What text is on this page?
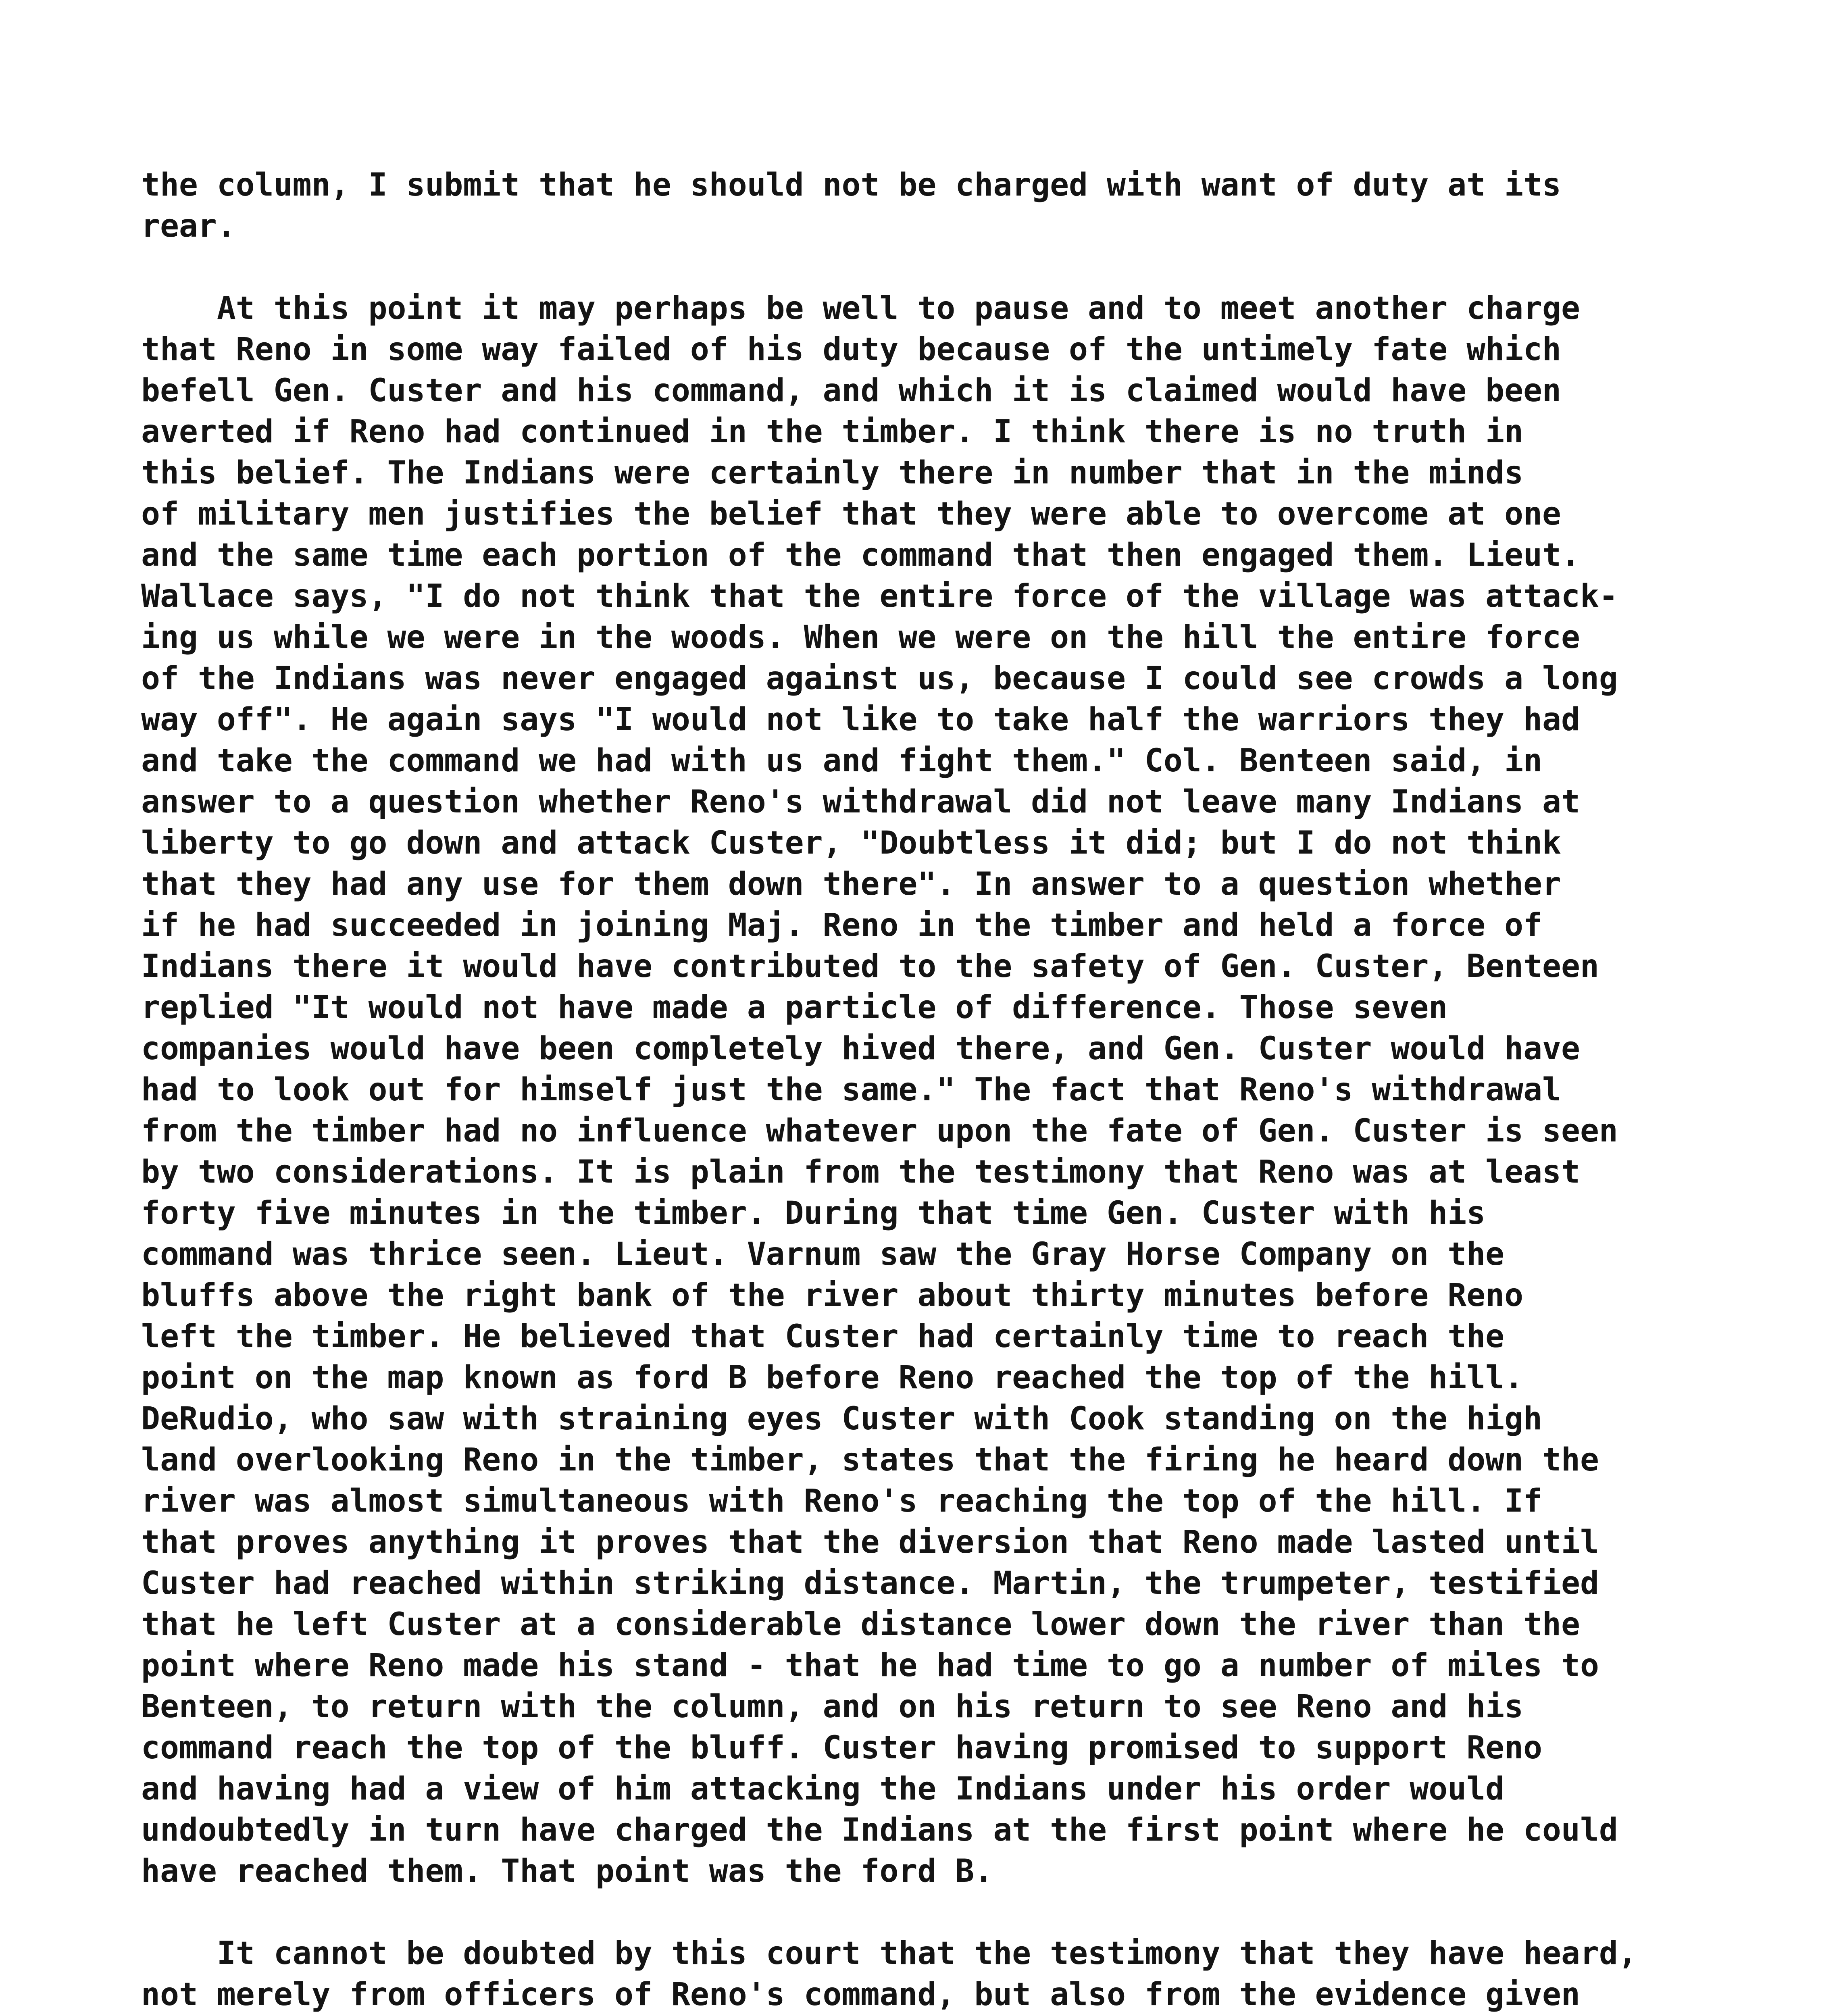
the column, I submit that he should not be charged with want of duty at its
rear.
At this point it may perhaps be well to pause and to meet another charge
that Reno in some way failed of his duty because of the untimely fate which
befell Gen. Custer and his command, and which it is claimed would have been
averted if Reno had continued in the timber. I think there is no truth in
this belief. The Indians were certainly there in number that in the minds
of military men justifies the belief that they were able to overcome at one
and the same time each portion of the command that then engaged them. Lieut.
Wallace says, "I do not think that the entire force of the village was attack-
ing us while we were in the woods. When we were on the hill the entire force
of the Indians was never engaged against us, because I could see crowds a long
way off". He again says "I would not like to take half the warriors they had
and take the command we had with us and fight them." Col. Benteen said, in
answer to a question whether Reno's withdrawal did not leave many Indians at
liberty to go down and attack Custer, "Doubtless it did; but I do not think
that they had any use for them down there". In answer to a question whether
if he had succeeded in joining Maj. Reno in the timber and held a force of
Indians there it would have contributed to the safety of Gen. Custer, Benteen
replied "It would not have made a particle of difference. Those seven
companies would have been completely hived there, and Gen. Custer would have
had to look out for himself just the same." The fact that Reno's withdrawal
from the timber had no influence whatever upon the fate of Gen. Custer is seen
by two considerations. It is plain from the testimony that Reno was at least
forty five minutes in the timber. During that time Gen. Custer with his
command was thrice seen. Lieut. Varnum saw the Gray Horse Company on the
bluffs above the right bank of the river about thirty minutes before Reno
left the timber. He believed that Custer had certainly time to reach the
point on the map known as ford B before Reno reached the top of the hill.
DeRudio, who saw with straining eyes Custer with Cook standing on the high
land overlooking Reno in the timber, states that the firing he heard down the
river was almost simultaneous with Reno's reaching the top of the hill. If
that proves anything it proves that the diversion that Reno made lasted until
Custer had reached within striking distance. Martin, the trumpeter, testified
that he left Custer at a considerable distance lower down the river than the
point where Reno made his stand - that he had time to go a number of miles to
Benteen, to return with the column, and on his return to see Reno and his
command reach the top of the bluff. Custer having promised to support Reno
and having had a view of him attacking the Indians under his order would
undoubtedly in turn have charged the Indians at the first point where he could
have reached them. That point was the ford B.
It cannot be doubted by this court that the testimony that they have heard,
not merely from officers of Reno's command, but also from the evidence given
